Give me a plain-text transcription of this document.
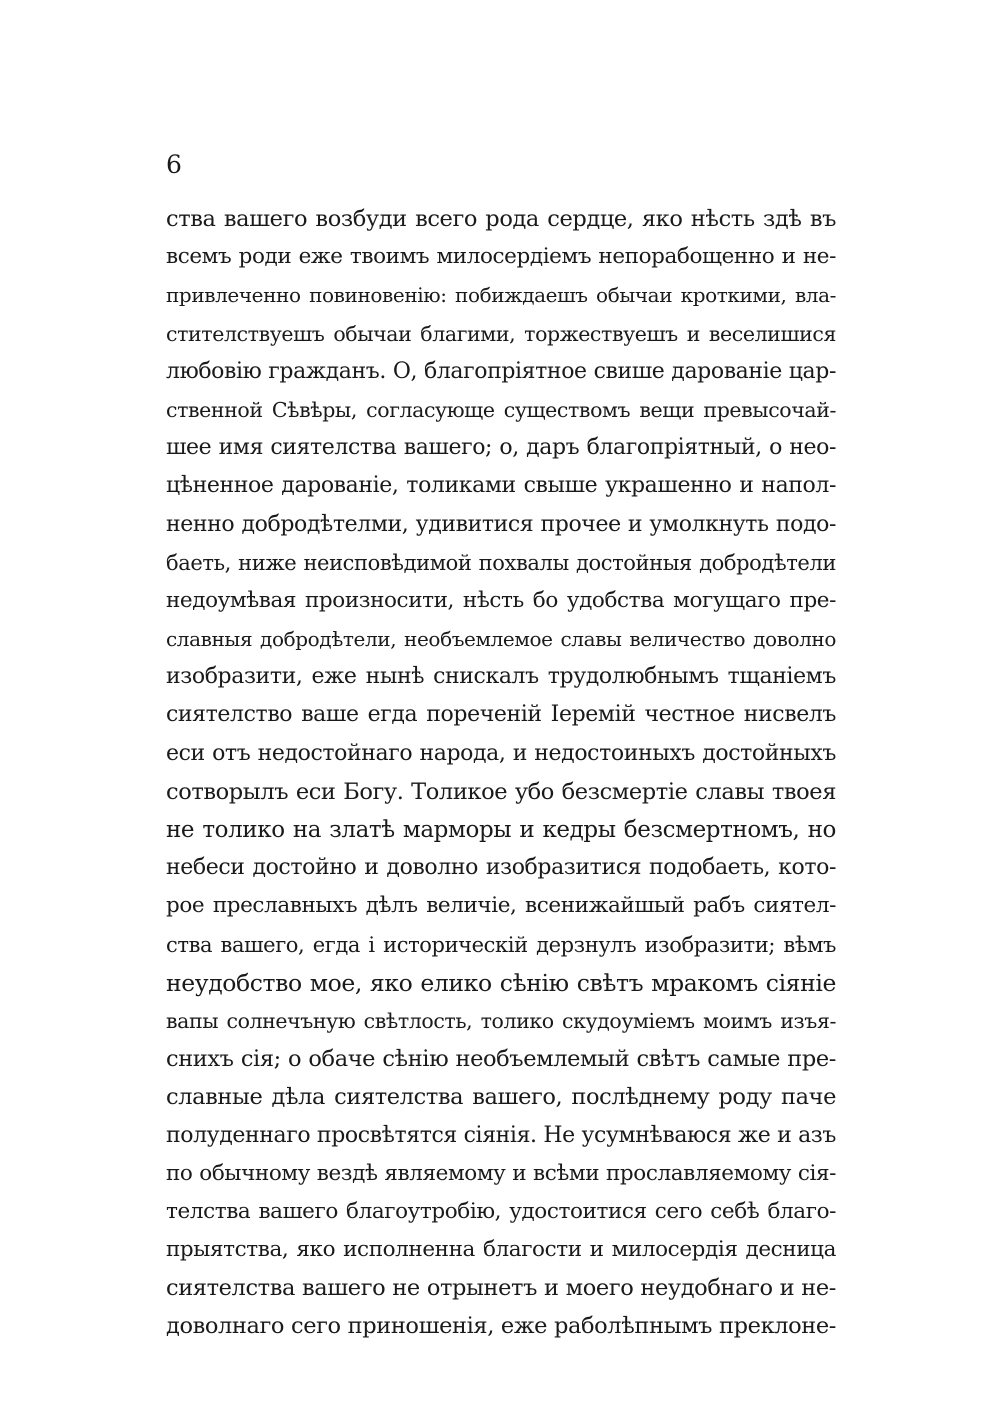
6
ства вашего возбуди всего рода сердце, яко нѣсть здѣ въ
всемъ роди еже твоимъ милосердіемъ непорабощенно и не-
привлеченно повиновенію: побиждаешъ обычаи кроткими, вла-
стителствуешъ обычаи благими, торжествуешъ и веселишися
любовію гражданъ. О, благопріятное свише дарованіе цар-
ственной Сѣвѣры, согласующе существомъ вещи превысочай-
шее имя сиятелства вашего; о, даръ благопріятный, о нео-
цѣненное дарованіе, толиками свыше украшенно и напол-
ненно добродѣтелми, удивитися прочее и умолкнуть подо-
баеть, ниже неисповѣдимой похвалы достойныя добродѣтели
недоумѣвая произносити, нѣсть бо удобства могущаго пре-
славныя добродѣтели, необъемлемое славы величество доволно
изобразити, еже нынѣ снискалъ трудолюбнымъ тщаніемъ
сиятелство ваше егда пореченій Іеремій честное нисвелъ
еси отъ недостойнаго народа, и недостоиныхъ достойныхъ
сотворылъ еси Богу. Толикое убо безсмертіе славы твоея
не толико на златѣ марморы и кедры безсмертномъ, но
небеси достойно и доволно изобразитися подобаеть, кото-
рое преславныхъ дѣлъ величіе, всенижайшый рабъ сиятел-
ства вашего, егда і историческій дерзнулъ изобразити; вѣмъ
неудобство мое, яко елико сѣнію свѣтъ мракомъ сіяніе
вапы солнечъную свѣтлость, толико скудоуміемъ моимъ изъя-
снихъ сія; о обаче сѣнію необъемлемый свѣтъ самые пре-
славные дѣла сиятелства вашего, послѣднему роду паче
полуденнаго просвѣтятся сіянія. Не усумнѣваюся же и азъ
по обычному вездѣ являемому и всѣми прославляемому сія-
телства вашего благоутробію, удостоитися сего себѣ благо-
прыятства, яко исполненна благости и милосердія десница
сиятелства вашего не отрынетъ и моего неудобнаго и не-
доволнаго сего приношенія, еже раболѣпнымъ преклоне-
